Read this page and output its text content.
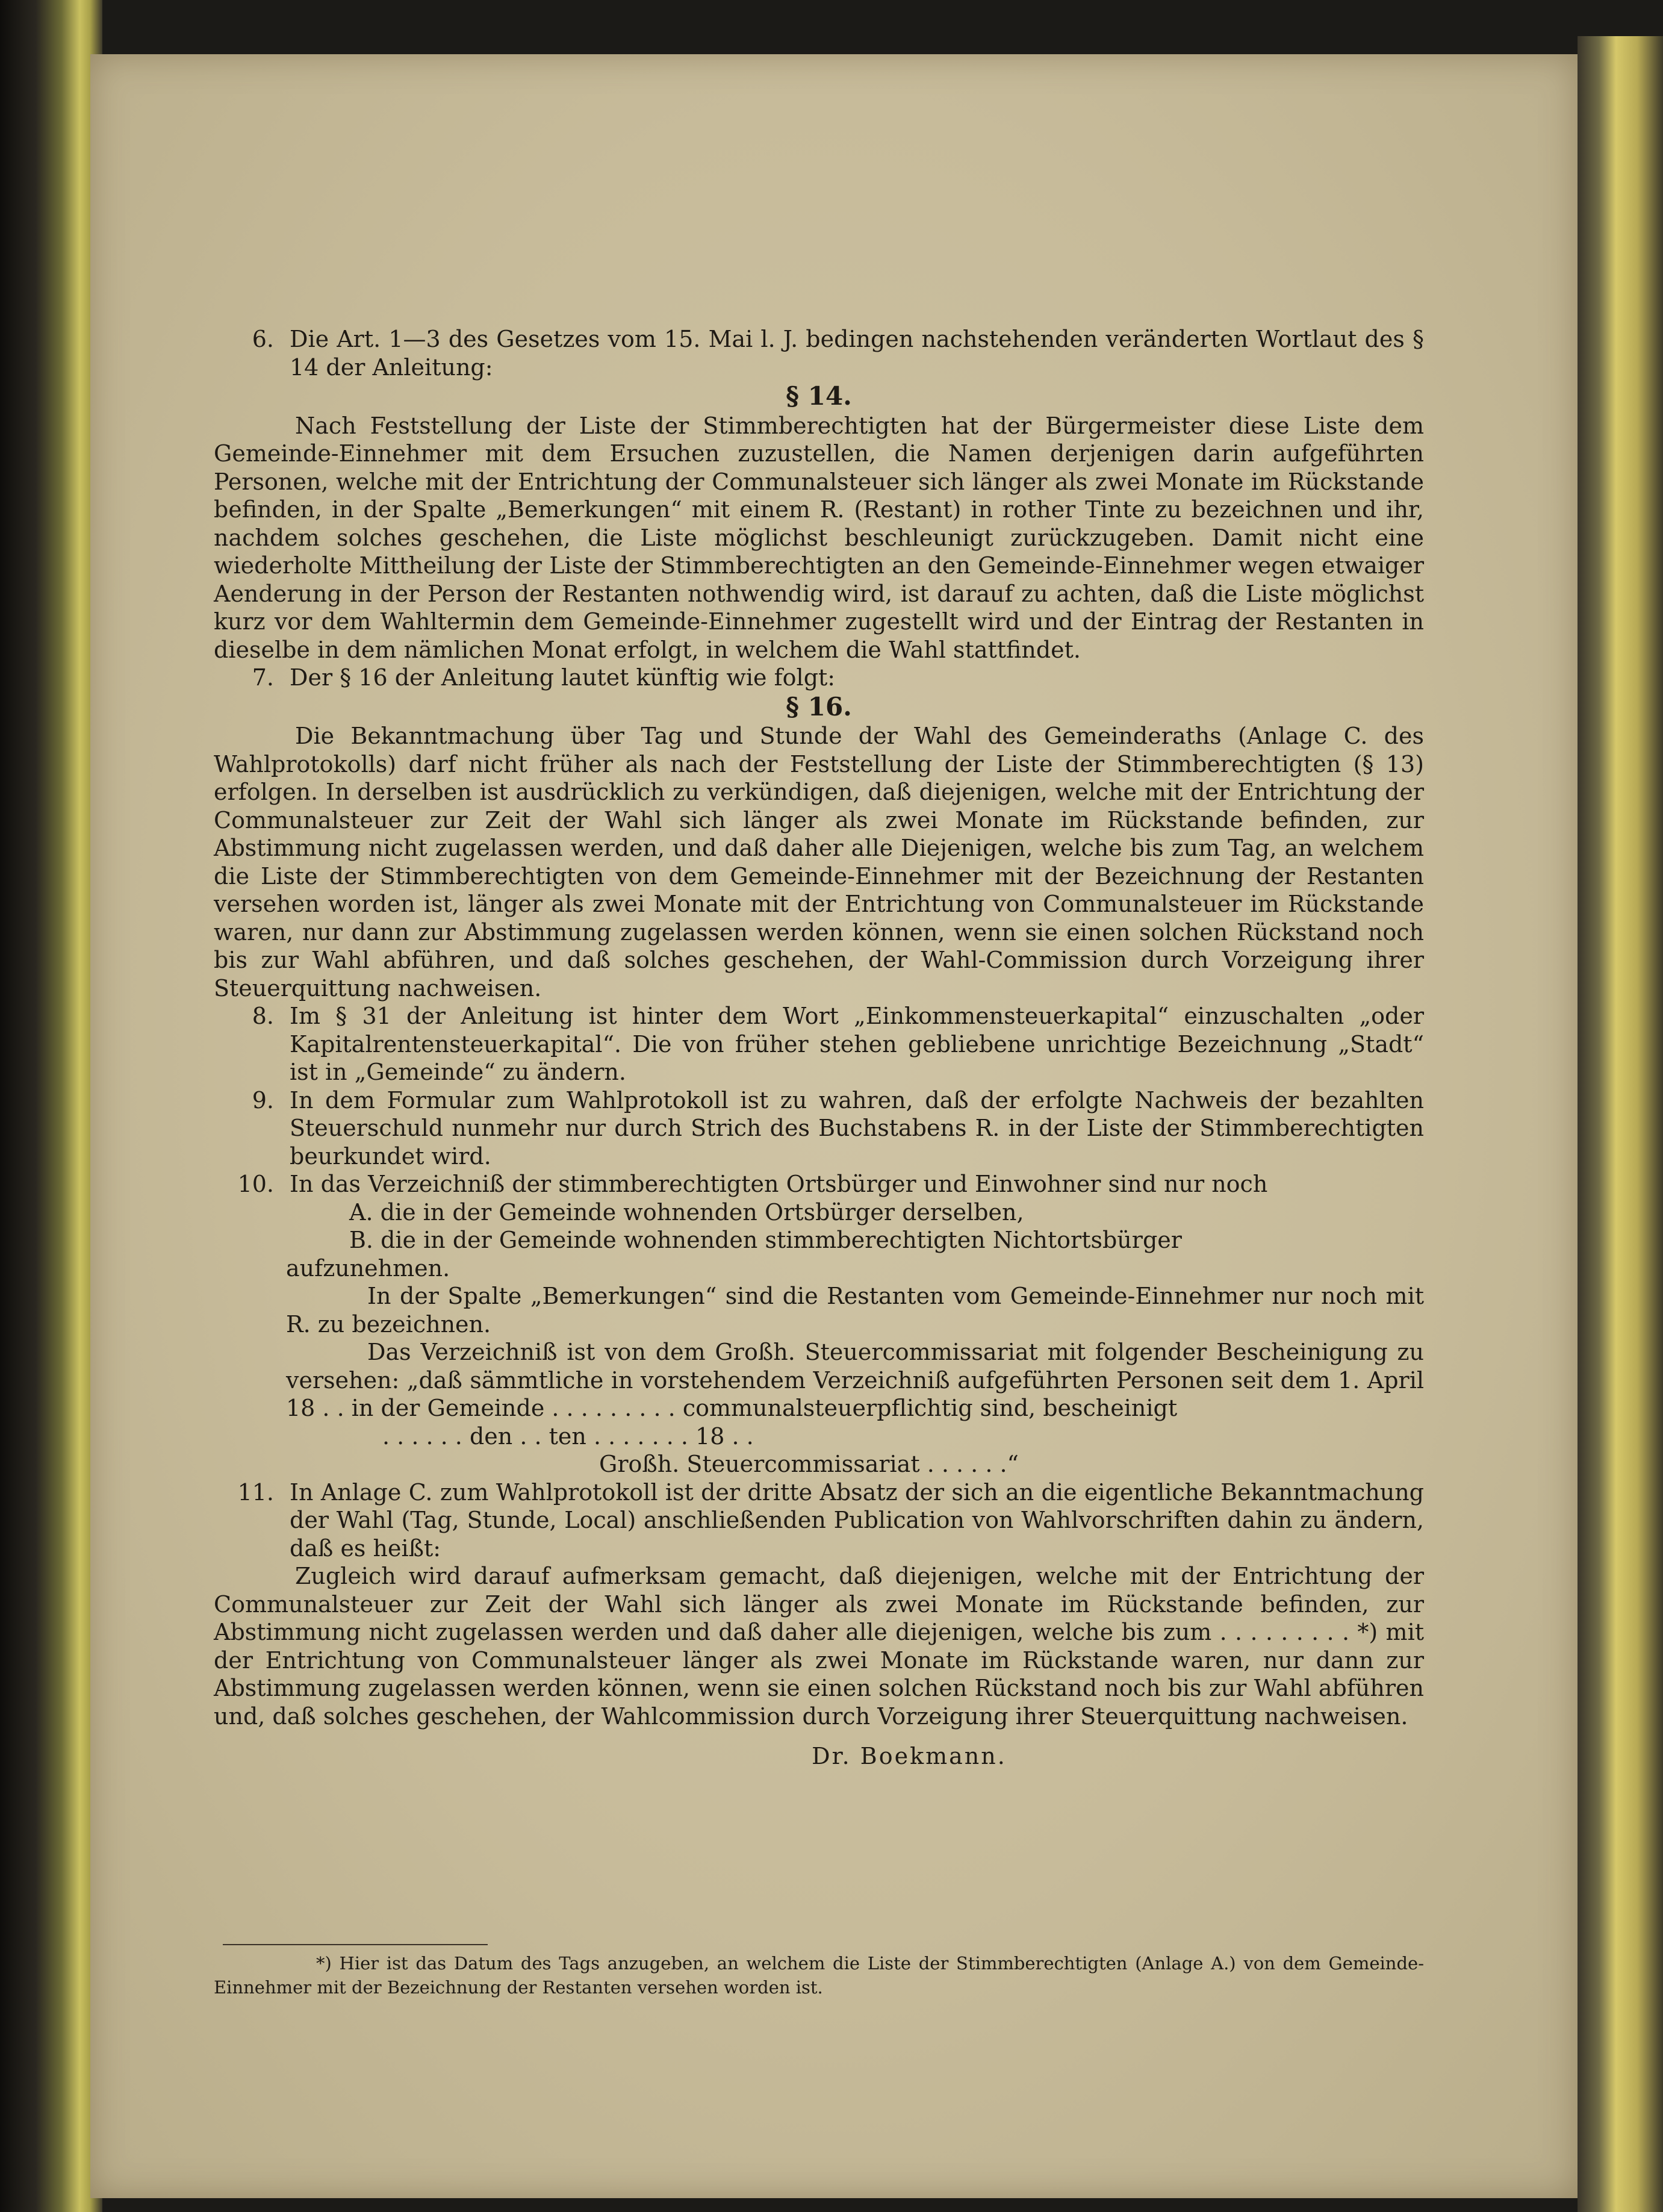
6. Die Art. 1—3 des Gesetzes vom 15. Mai l. J. bedingen nachstehenden veränderten Wortlaut des § 14 der Anleitung:

§ 14.

Nach Feststellung der Liste der Stimmberechtigten hat der Bürgermeister diese Liste dem Gemeinde-Einnehmer mit dem Ersuchen zuzustellen, die Namen derjenigen darin aufgeführten Personen, welche mit der Entrichtung der Communalsteuer sich länger als zwei Monate im Rückstande befinden, in der Spalte „Bemerkungen“ mit einem R. (Restant) in rother Tinte zu bezeichnen und ihr, nachdem solches geschehen, die Liste möglichst beschleunigt zurückzugeben. Damit nicht eine wiederholte Mittheilung der Liste der Stimmberechtigten an den Gemeinde-Einnehmer wegen etwaiger Aenderung in der Person der Restanten nothwendig wird, ist darauf zu achten, daß die Liste möglichst kurz vor dem Wahltermin dem Gemeinde-Einnehmer zugestellt wird und der Eintrag der Restanten in dieselbe in dem nämlichen Monat erfolgt, in welchem die Wahl stattfindet.

7. Der § 16 der Anleitung lautet künftig wie folgt:

§ 16.

Die Bekanntmachung über Tag und Stunde der Wahl des Gemeinderaths (Anlage C. des Wahlprotokolls) darf nicht früher als nach der Feststellung der Liste der Stimmberechtigten (§ 13) erfolgen. In derselben ist ausdrücklich zu verkündigen, daß diejenigen, welche mit der Entrichtung der Communalsteuer zur Zeit der Wahl sich länger als zwei Monate im Rückstande befinden, zur Abstimmung nicht zugelassen werden, und daß daher alle Diejenigen, welche bis zum Tag, an welchem die Liste der Stimmberechtigten von dem Gemeinde-Einnehmer mit der Bezeichnung der Restanten versehen worden ist, länger als zwei Monate mit der Entrichtung von Communalsteuer im Rückstande waren, nur dann zur Abstimmung zugelassen werden können, wenn sie einen solchen Rückstand noch bis zur Wahl abführen, und daß solches geschehen, der Wahl-Commission durch Vorzeigung ihrer Steuerquittung nachweisen.

8. Im § 31 der Anleitung ist hinter dem Wort „Einkommensteuerkapital“ einzuschalten „oder Kapitalrentensteuerkapital“. Die von früher stehen gebliebene unrichtige Bezeichnung „Stadt“ ist in „Gemeinde“ zu ändern.

9. In dem Formular zum Wahlprotokoll ist zu wahren, daß der erfolgte Nachweis der bezahlten Steuerschuld nunmehr nur durch Strich des Buchstabens R. in der Liste der Stimmberechtigten beurkundet wird.

10. In das Verzeichniß der stimmberechtigten Ortsbürger und Einwohner sind nur noch

A. die in der Gemeinde wohnenden Ortsbürger derselben,

B. die in der Gemeinde wohnenden stimmberechtigten Nichtortsbürger

aufzunehmen.

In der Spalte „Bemerkungen“ sind die Restanten vom Gemeinde-Einnehmer nur noch mit R. zu bezeichnen.

Das Verzeichniß ist von dem Großh. Steuercommissariat mit folgender Bescheinigung zu versehen: „daß sämmtliche in vorstehendem Verzeichniß aufgeführten Personen seit dem 1. April 18 . . in der Gemeinde . . . . . . . . . communalsteuerpflichtig sind, bescheinigt

. . . . . . den . . ten . . . . . . . 18 . .

Großh. Steuercommissariat . . . . . .“

11. In Anlage C. zum Wahlprotokoll ist der dritte Absatz der sich an die eigentliche Bekanntmachung der Wahl (Tag, Stunde, Local) anschließenden Publication von Wahlvorschriften dahin zu ändern, daß es heißt:

Zugleich wird darauf aufmerksam gemacht, daß diejenigen, welche mit der Entrichtung der Communalsteuer zur Zeit der Wahl sich länger als zwei Monate im Rückstande befinden, zur Abstimmung nicht zugelassen werden und daß daher alle diejenigen, welche bis zum . . . . . . . . . *) mit der Entrichtung von Communalsteuer länger als zwei Monate im Rückstande waren, nur dann zur Abstimmung zugelassen werden können, wenn sie einen solchen Rückstand noch bis zur Wahl abführen und, daß solches geschehen, der Wahlcommission durch Vorzeigung ihrer Steuerquittung nachweisen.

Dr. Boekmann.

*) Hier ist das Datum des Tags anzugeben, an welchem die Liste der Stimmberechtigten (Anlage A.) von dem Gemeinde-Einnehmer mit der Bezeichnung der Restanten versehen worden ist.
